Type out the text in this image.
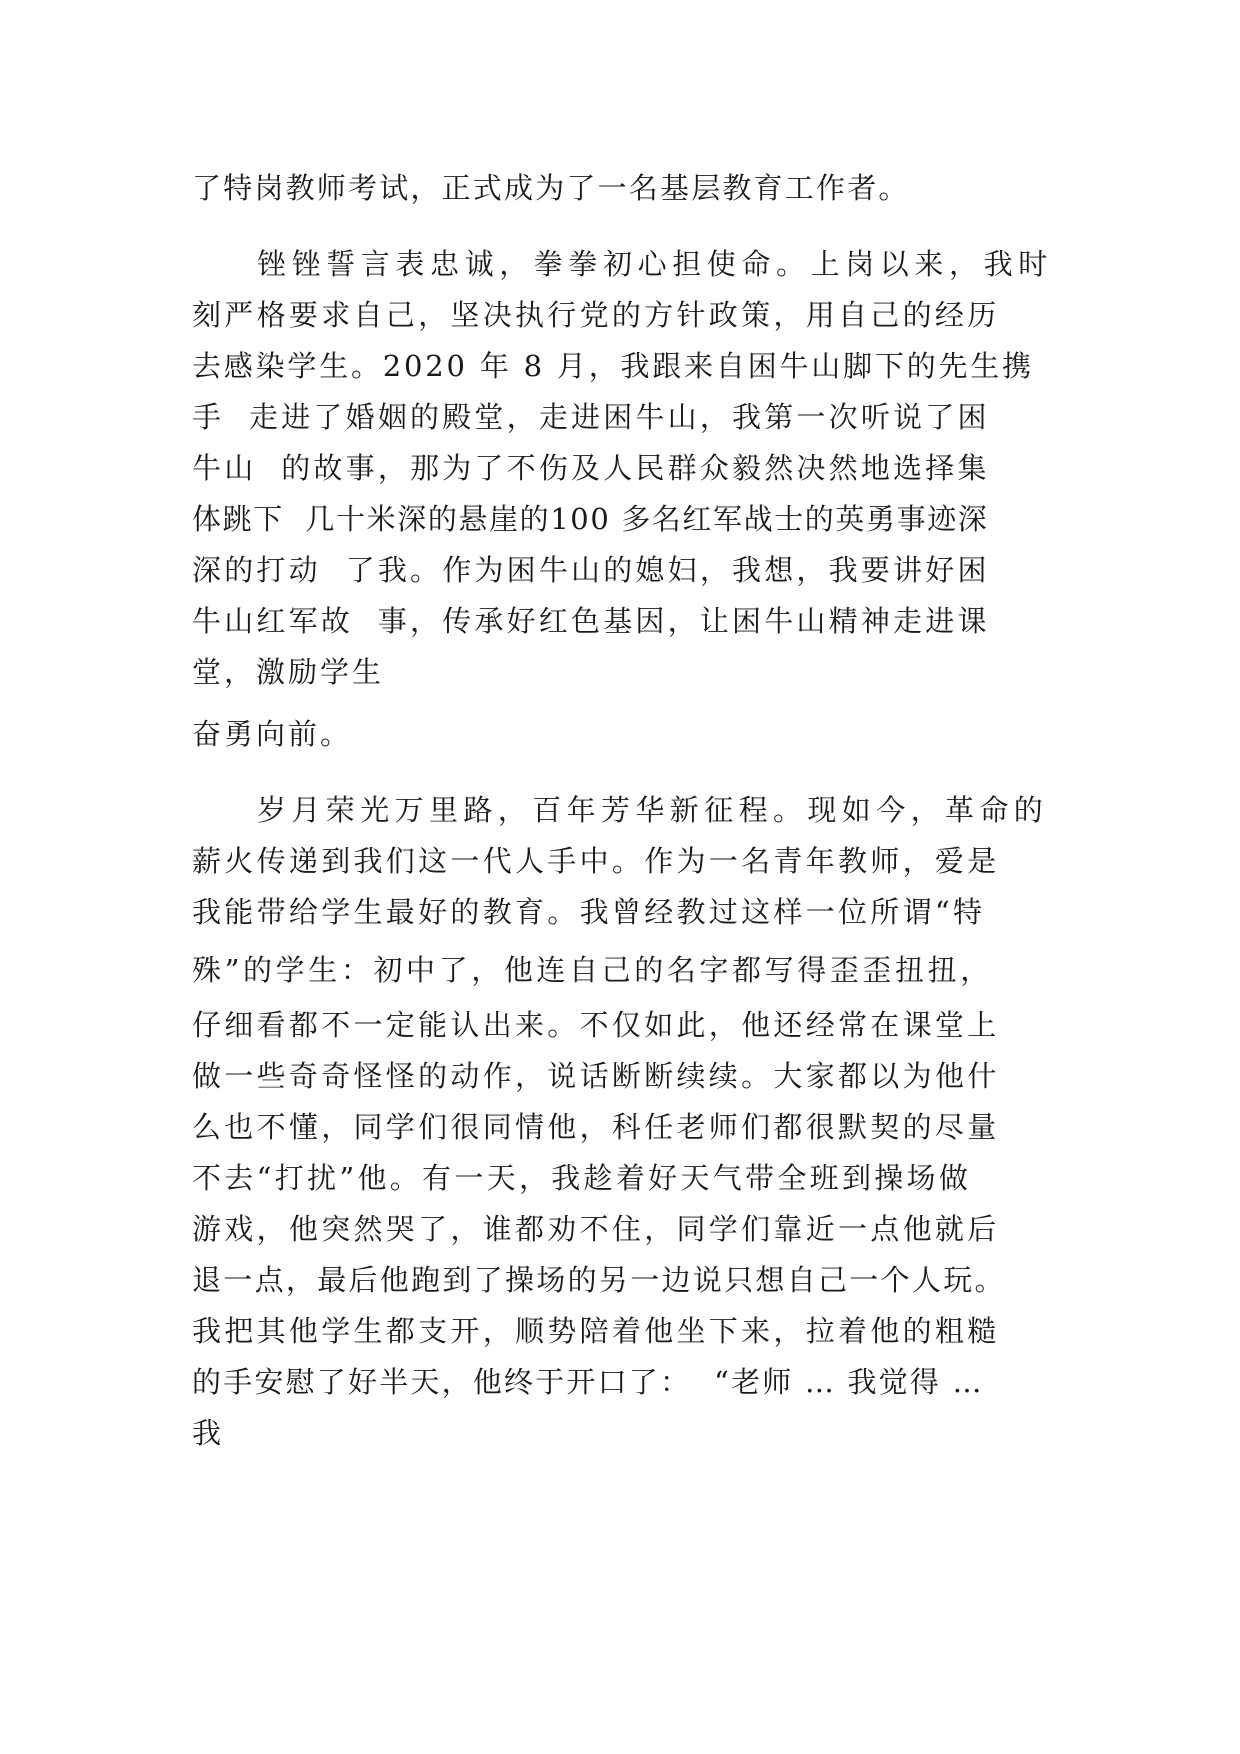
了特岗教师考试，正式成为了一名基层教育工作者。

锉锉誓言表忠诚，拳拳初心担使命。上岗以来，我时

刻严格要求自己，坚决执行党的方针政策，用自己的经历

去感染学生。2020 年 8 月，我跟来自困牛山脚下的先生携

手  走进了婚姻的殿堂，走进困牛山，我第一次听说了困

牛山  的故事，那为了不伤及人民群众毅然决然地选择集

体跳下  几十米深的悬崖的100 多名红军战士的英勇事迹深

深的打动  了我。作为困牛山的媳妇，我想，我要讲好困

牛山红军故  事，传承好红色基因，让困牛山精神走进课

堂，激励学生

奋勇向前。

岁月荣光万里路，百年芳华新征程。现如今，革命的

薪火传递到我们这一代人手中。作为一名青年教师，爱是

我能带给学生最好的教育。我曾经教过这样一位所谓“特

殊”的学生：初中了，他连自己的名字都写得歪歪扭扭，

仔细看都不一定能认出来。不仅如此，他还经常在课堂上

做一些奇奇怪怪的动作，说话断断续续。大家都以为他什

么也不懂，同学们很同情他，科任老师们都很默契的尽量

不去“打扰”他。有一天，我趁着好天气带全班到操场做

游戏，他突然哭了，谁都劝不住，同学们靠近一点他就后

退一点，最后他跑到了操场的另一边说只想自己一个人玩。

我把其他学生都支开，顺势陪着他坐下来，拉着他的粗糙

的手安慰了好半天，他终于开口了：  “老师 … 我觉得 …

我
